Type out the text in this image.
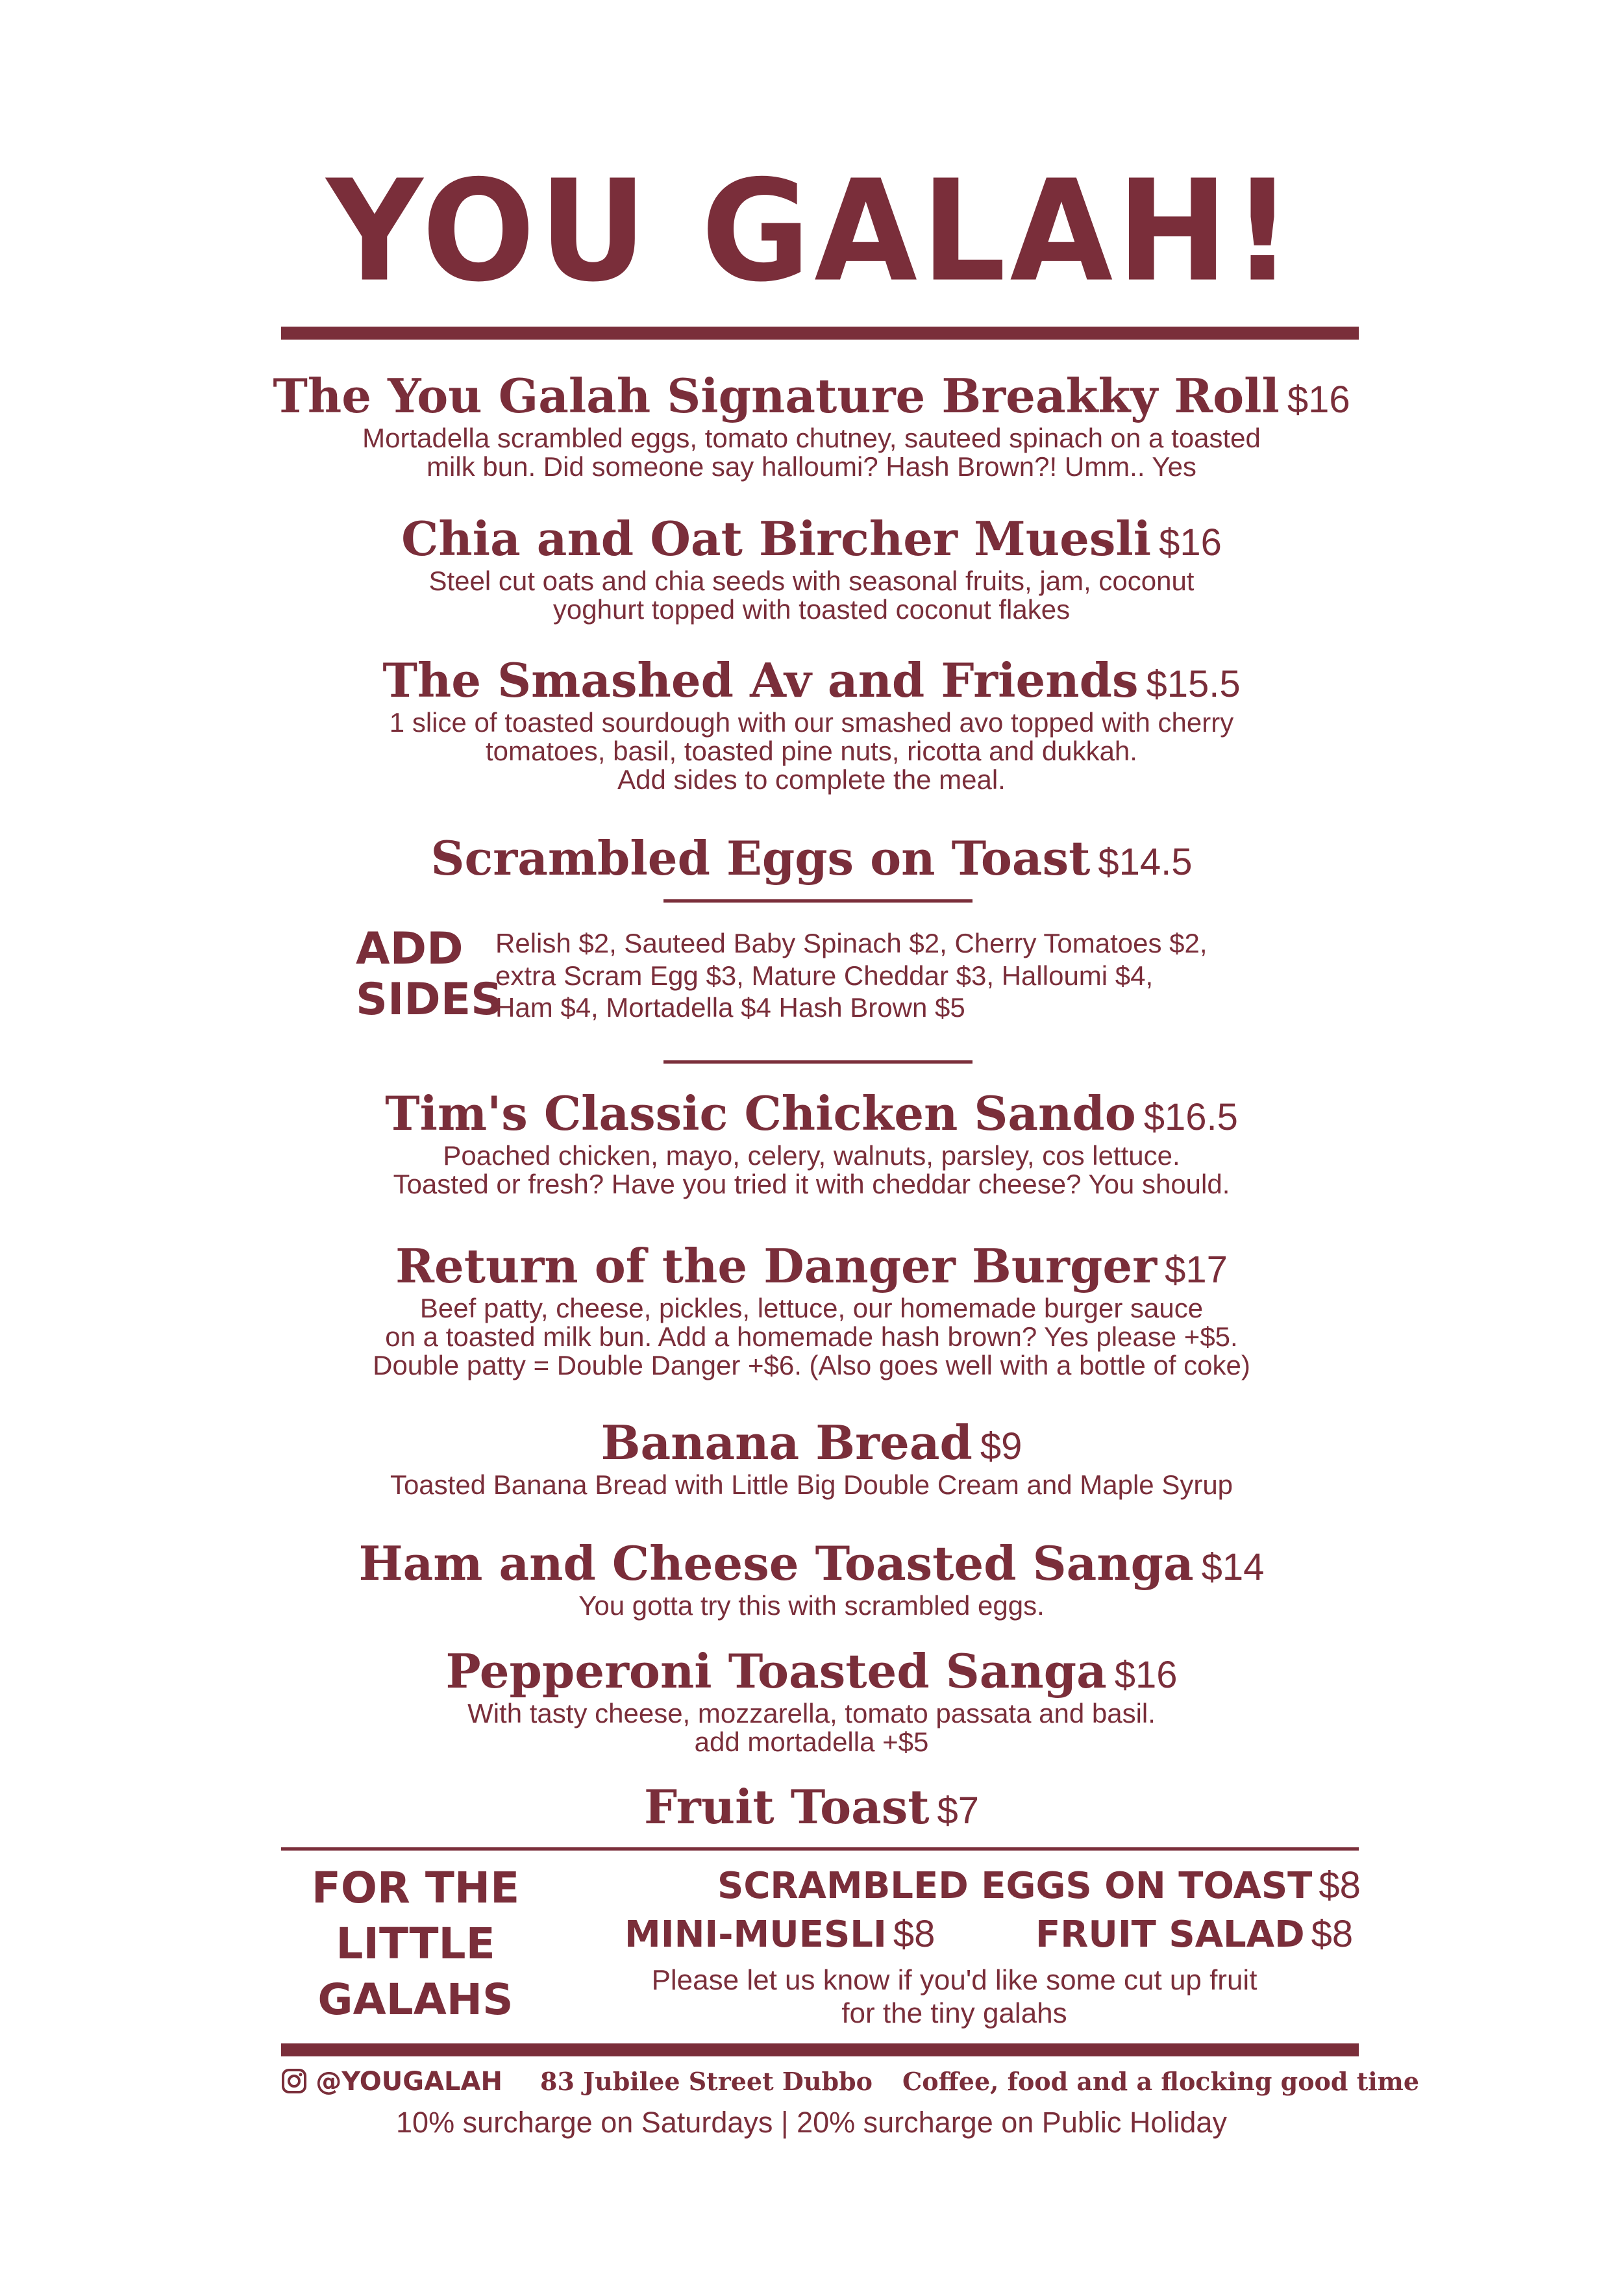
YOU GALAH!
The You Galah Signature Breakky Roll $16
Mortadella scrambled eggs, tomato chutney, sauteed spinach on a toasted
milk bun. Did someone say halloumi? Hash Brown?! Umm.. Yes
Chia and Oat Bircher Muesli $16
Steel cut oats and chia seeds with seasonal fruits, jam, coconut
yoghurt topped with toasted coconut flakes
The Smashed Av and Friends $15.5
1 slice of toasted sourdough with our smashed avo topped with cherry
tomatoes, basil, toasted pine nuts, ricotta and dukkah.
Add sides to complete the meal.
Scrambled Eggs on Toast $14.5
ADD SIDES
Relish $2, Sauteed Baby Spinach $2, Cherry Tomatoes $2,
extra Scram Egg $3, Mature Cheddar $3, Halloumi $4,
Ham $4, Mortadella $4 Hash Brown $5
Tim's Classic Chicken Sando $16.5
Poached chicken, mayo, celery, walnuts, parsley, cos lettuce.
Toasted or fresh? Have you tried it with cheddar cheese? You should.
Return of the Danger Burger $17
Beef patty, cheese, pickles, lettuce, our homemade burger sauce
on a toasted milk bun. Add a homemade hash brown? Yes please +$5.
Double patty = Double Danger +$6. (Also goes well with a bottle of coke)
Banana Bread $9
Toasted Banana Bread with Little Big Double Cream and Maple Syrup
Ham and Cheese Toasted Sanga $14
You gotta try this with scrambled eggs.
Pepperoni Toasted Sanga $16
With tasty cheese, mozzarella, tomato passata and basil.
add mortadella +$5
Fruit Toast $7
FOR THE
LITTLE
GALAHS
SCRAMBLED EGGS ON TOAST $8
MINI-MUESLI $8	FRUIT SALAD $8
Please let us know if you'd like some cut up fruit
for the tiny galahs
@YOUGALAH 83 Jubilee Street Dubbo Coffee, food and a flocking good time
10% surcharge on Saturdays | 20% surcharge on Public Holiday
